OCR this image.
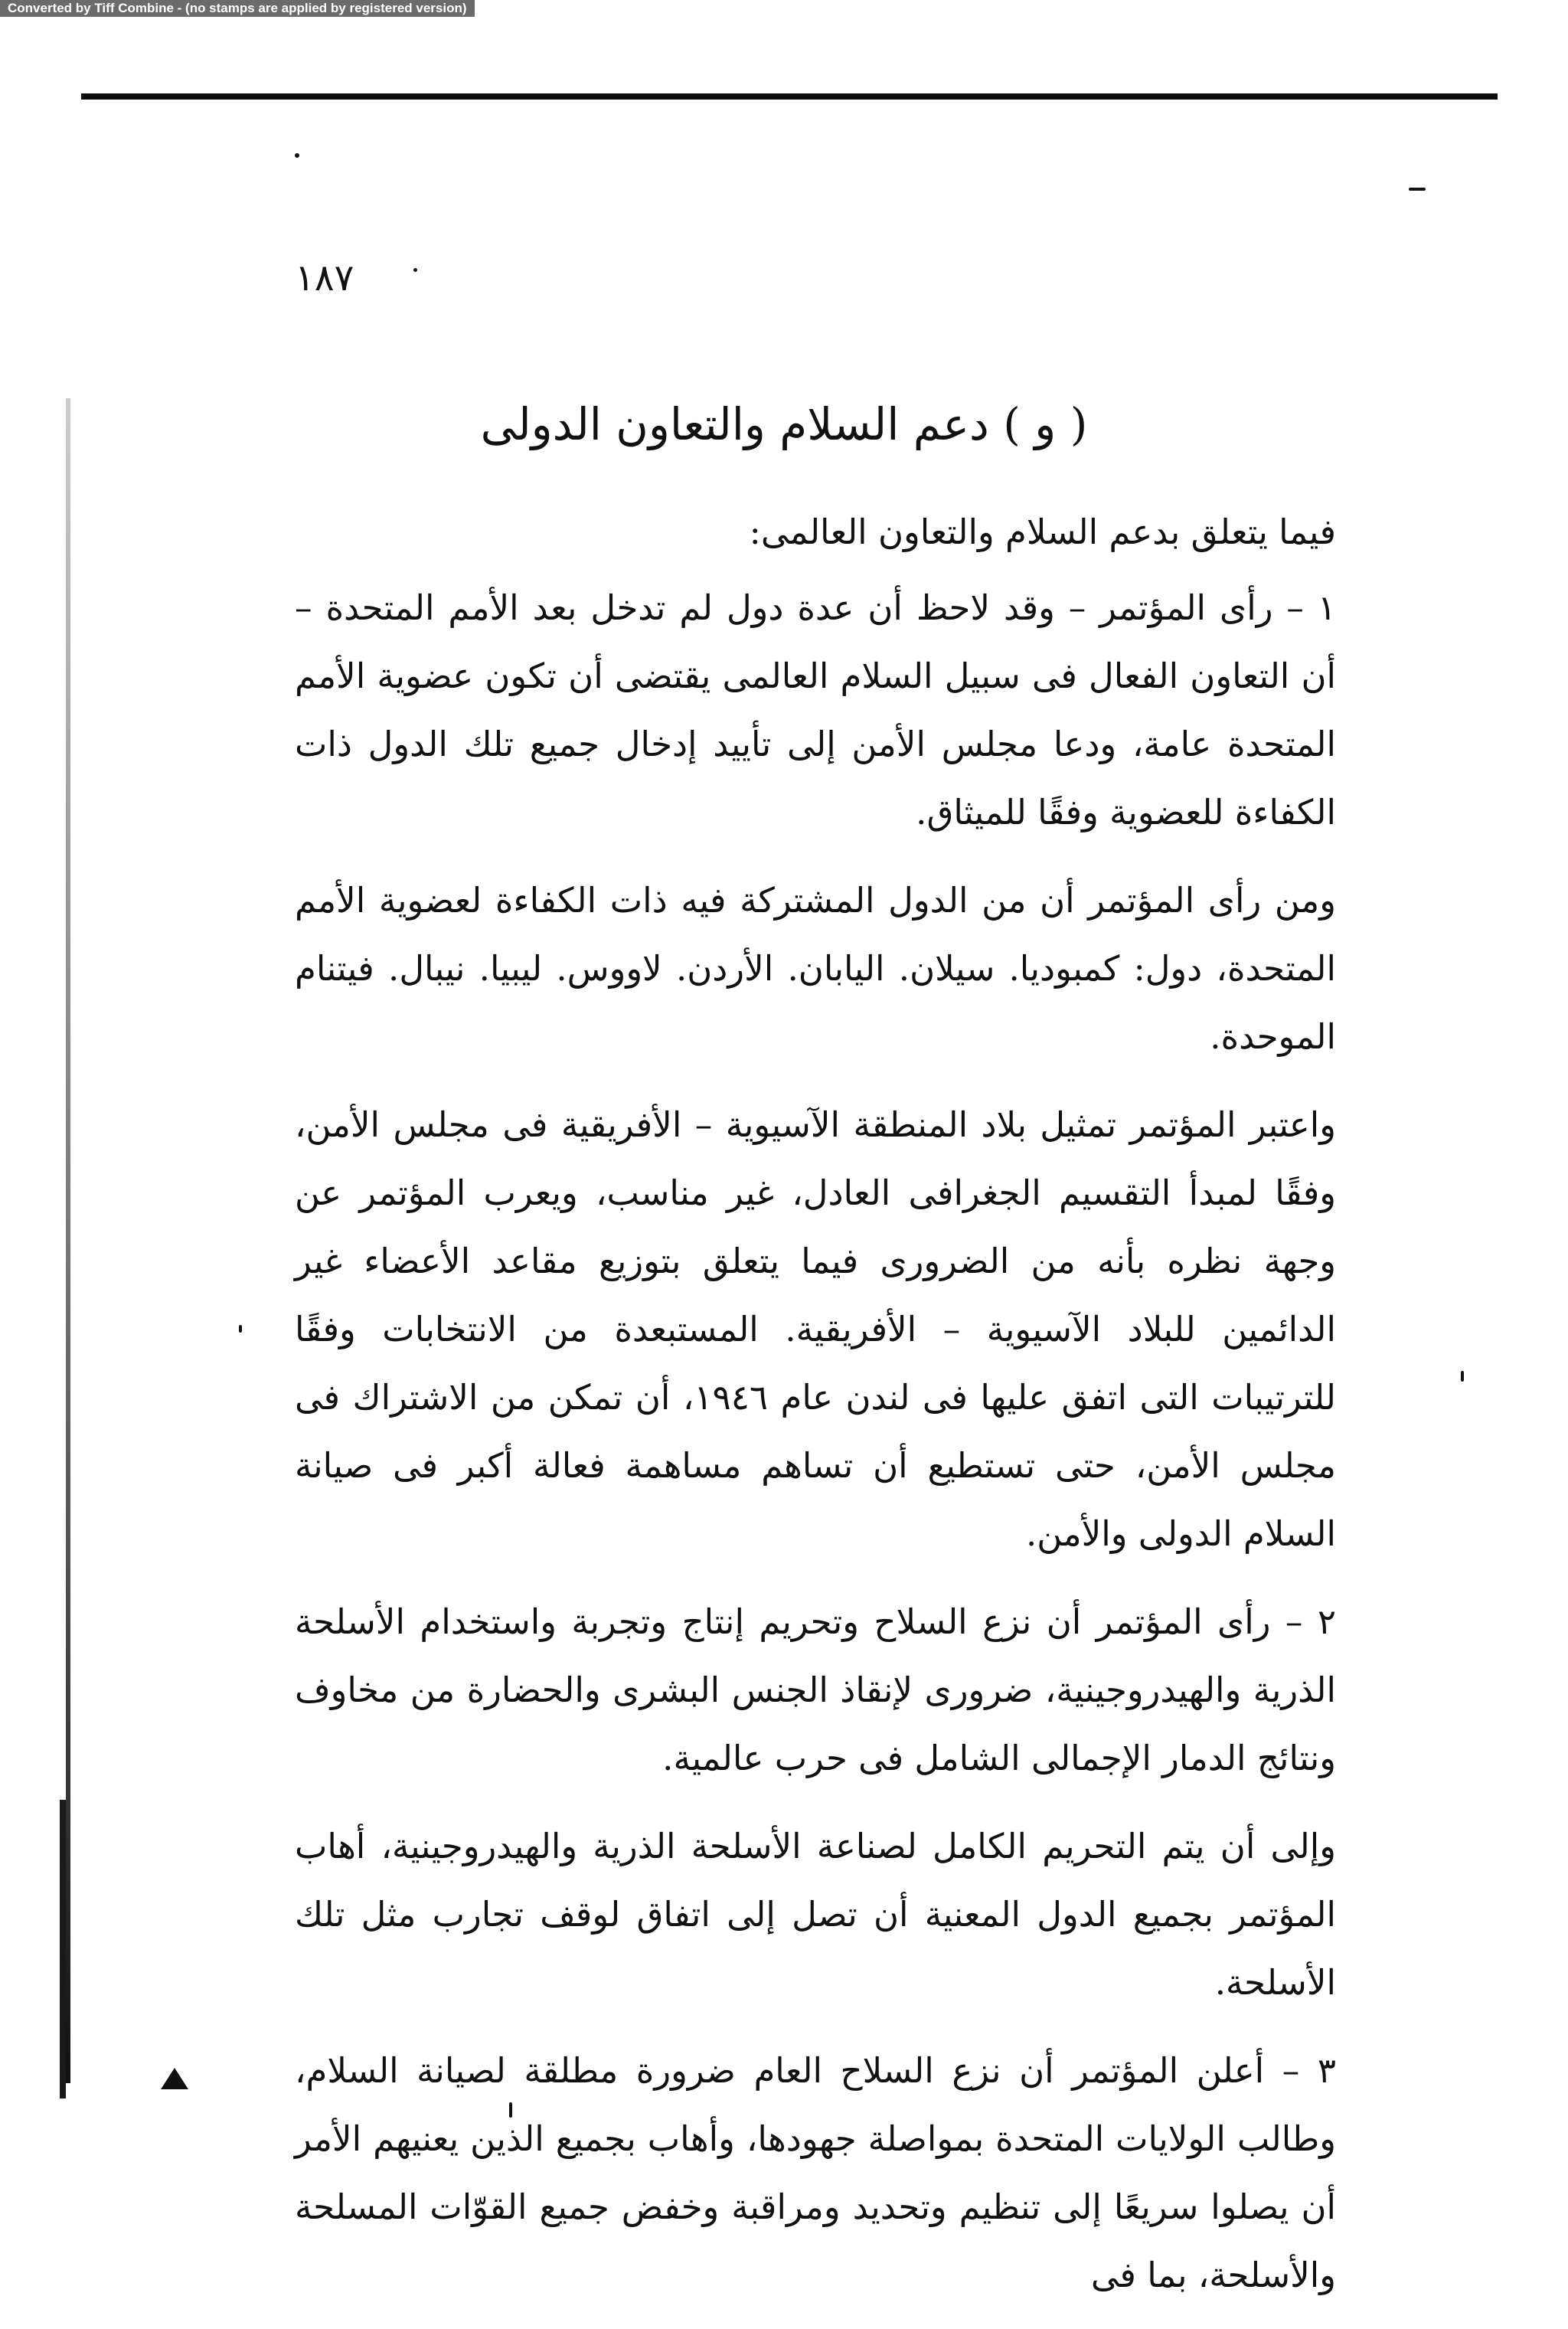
Converted by Tiff Combine - (no stamps are applied by registered version)
١٨٧
( و ) دعم السلام والتعاون الدولى

فيما يتعلق بدعم السلام والتعاون العالمى:

١ – رأى المؤتمر – وقد لاحظ أن عدة دول لم تدخل بعد الأمم المتحدة – أن التعاون الفعال فى سبيل السلام العالمى يقتضى أن تكون عضوية الأمم المتحدة عامة، ودعا مجلس الأمن إلى تأييد إدخال جميع تلك الدول ذات الكفاءة للعضوية وفقًا للميثاق.

ومن رأى المؤتمر أن من الدول المشتركة فيه ذات الكفاءة لعضوية الأمم المتحدة، دول: كمبوديا. سيلان. اليابان. الأردن. لاووس. ليبيا. نيبال. فيتنام الموحدة.

واعتبر المؤتمر تمثيل بلاد المنطقة الآسيوية – الأفريقية فى مجلس الأمن، وفقًا لمبدأ التقسيم الجغرافى العادل، غير مناسب، ويعرب المؤتمر عن وجهة نظره بأنه من الضرورى فيما يتعلق بتوزيع مقاعد الأعضاء غير الدائمين للبلاد الآسيوية – الأفريقية. المستبعدة من الانتخابات وفقًا للترتيبات التى اتفق عليها فى لندن عام ١٩٤٦، أن تمكن من الاشتراك فى مجلس الأمن، حتى تستطيع أن تساهم مساهمة فعالة أكبر فى صيانة السلام الدولى والأمن.

٢ – رأى المؤتمر أن نزع السلاح وتحريم إنتاج وتجربة واستخدام الأسلحة الذرية والهيدروجينية، ضرورى لإنقاذ الجنس البشرى والحضارة من مخاوف ونتائج الدمار الإجمالى الشامل فى حرب عالمية.

وإلى أن يتم التحريم الكامل لصناعة الأسلحة الذرية والهيدروجينية، أهاب المؤتمر بجميع الدول المعنية أن تصل إلى اتفاق لوقف تجارب مثل تلك الأسلحة.

٣ – أعلن المؤتمر أن نزع السلاح العام ضرورة مطلقة لصيانة السلام، وطالب الولايات المتحدة بمواصلة جهودها، وأهاب بجميع الذين يعنيهم الأمر أن يصلوا سريعًا إلى تنظيم وتحديد ومراقبة وخفض جميع القوّات المسلحة والأسلحة، بما فى
